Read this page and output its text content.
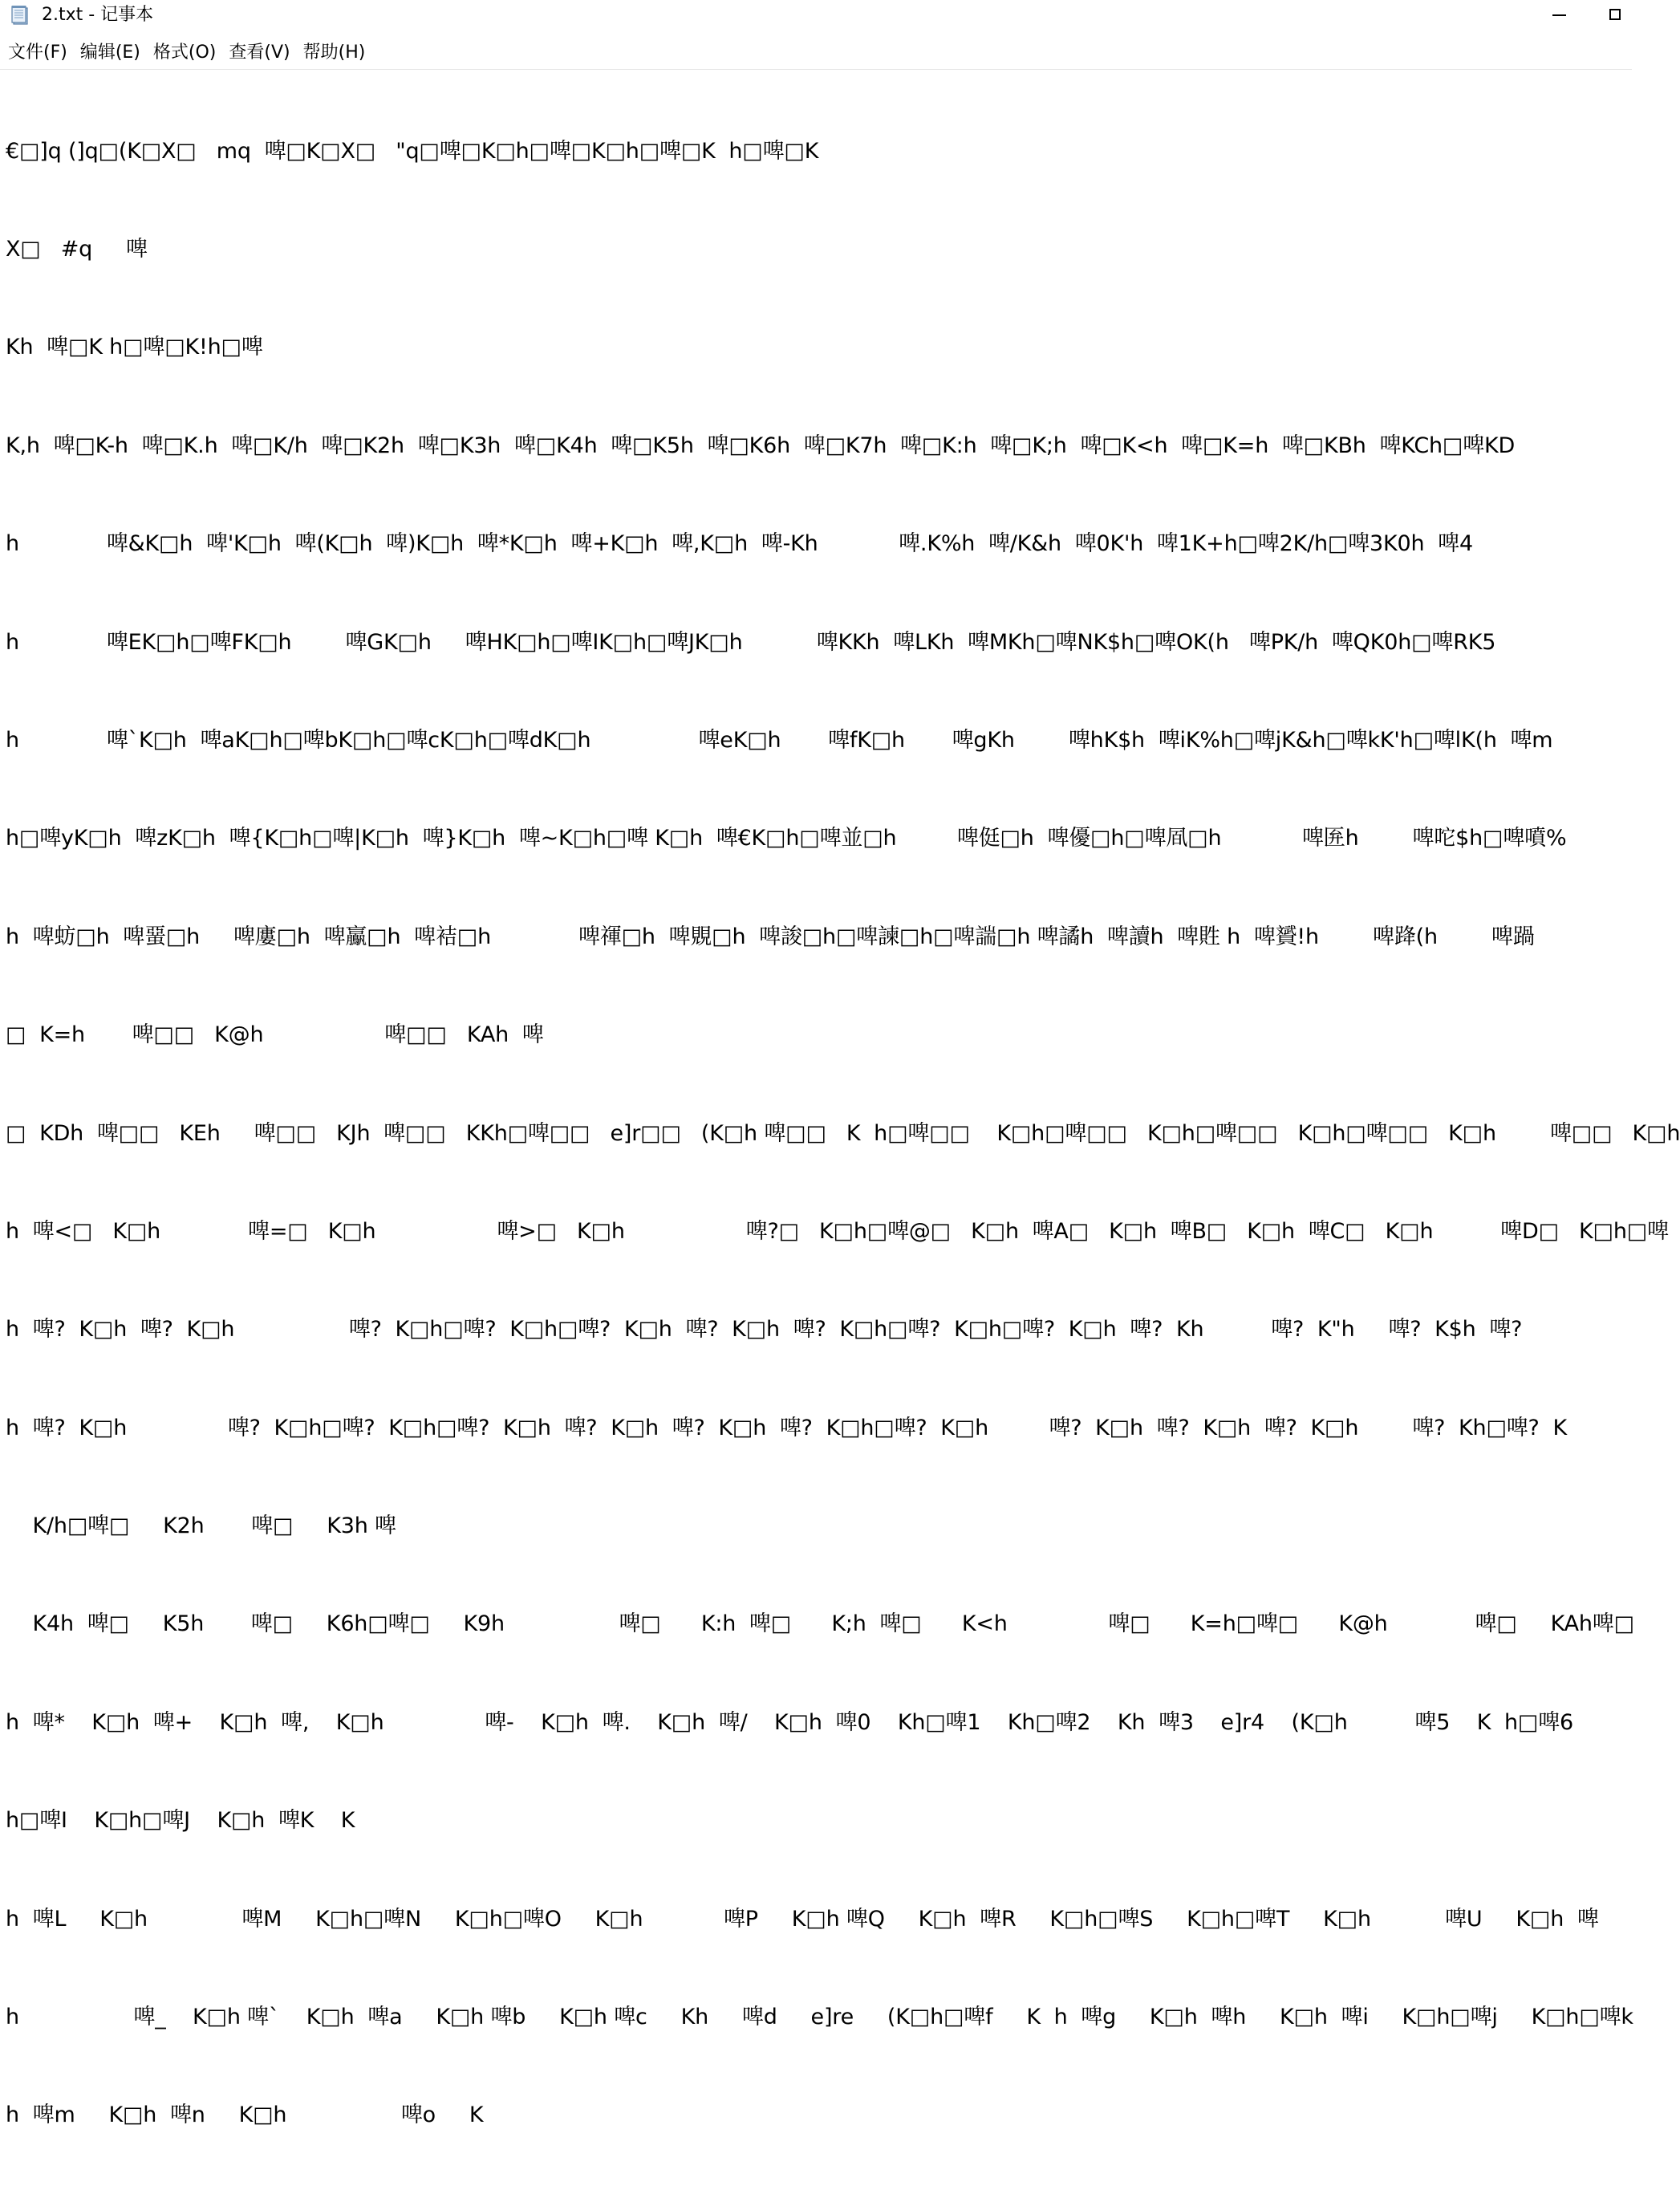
2.txt - 记事本
文件(F) 编辑(E) 格式(O) 查看(V) 帮助(H)

€□]q (]q□(K□X□   mq  啤□K□X□   "q□啤□K□h□啤□K□h□啤□K  h□啤□K

X□   #q     啤

Kh  啤□K h□啤□K!h□啤

K,h  啤□K-h  啤□K.h  啤□K/h  啤□K2h  啤□K3h  啤□K4h  啤□K5h  啤□K6h  啤□K7h  啤□K:h  啤□K;h  啤□K<h  啤□K=h  啤□KBh  啤KCh□啤KD

h             啤&K□h  啤'K□h  啤(K□h  啤)K□h  啤*K□h  啤+K□h  啤,K□h  啤-Kh            啤.K%h  啤/K&h  啤0K'h  啤1K+h□啤2K/h□啤3K0h  啤4

h             啤EK□h□啤FK□h        啤GK□h     啤HK□h□啤IK□h□啤JK□h           啤KKh  啤LKh  啤MKh□啤NK$h□啤OK(h   啤PK/h  啤QK0h□啤RK5

h             啤`K□h  啤aK□h□啤bK□h□啤cK□h□啤dK□h                啤eK□h       啤fK□h       啤gKh        啤hK$h  啤iK%h□啤jK&h□啤kK'h□啤lK(h  啤m

h□啤yK□h  啤zK□h  啤{K□h□啤|K□h  啤}K□h  啤~K□h□啤 K□h  啤€K□h□啤並□h         啤侹□h  啤優□h□啤凮□h            啤匥h        啤咜$h□啤噴%

h  啤蚄□h  啤蝁□h     啤廔□h  啤鸁□h  啤袺□h             啤禈□h  啤覞□h  啤誜□h□啤諫□h□啤諯□h 啤譎h  啤讀h  啤貹 h  啤贇!h        啤跭(h        啤踻

□  K=h       啤□□   K@h                  啤□□   KAh  啤

□  KDh  啤□□   KEh     啤□□   KJh  啤□□   KKh□啤□□   e]r□□   (K□h 啤□□   K  h□啤□□    K□h□啤□□   K□h□啤□□   K□h□啤□□   K□h        啤□□   K□h

h  啤<□   K□h             啤=□   K□h                  啤>□   K□h                  啤?□   K□h□啤@□   K□h  啤A□   K□h  啤B□   K□h  啤C□   K□h          啤D□   K□h□啤

h  啤?  K□h  啤?  K□h                 啤?  K□h□啤?  K□h□啤?  K□h  啤?  K□h  啤?  K□h□啤?  K□h□啤?  K□h  啤?  Kh          啤?  K"h     啤?  K$h  啤?

h  啤?  K□h               啤?  K□h□啤?  K□h□啤?  K□h  啤?  K□h  啤?  K□h  啤?  K□h□啤?  K□h         啤?  K□h  啤?  K□h  啤?  K□h        啤?  Kh□啤?  K

K/h□啤□     K2h       啤□     K3h 啤

K4h  啤□     K5h       啤□     K6h□啤□     K9h                 啤□      K:h  啤□      K;h  啤□      K<h               啤□      K=h□啤□      K@h             啤□     KAh啤□

h  啤*    K□h  啤+    K□h  啤,    K□h               啤-    K□h  啤.    K□h  啤/    K□h  啤0    Kh□啤1    Kh□啤2    Kh  啤3    e]r4    (K□h          啤5    K  h□啤6

h□啤I    K□h□啤J    K□h  啤K    K

h  啤L     K□h              啤M     K□h□啤N     K□h□啤O     K□h            啤P     K□h 啤Q     K□h  啤R     K□h□啤S     K□h□啤T     K□h           啤U     K□h  啤

h                 啤_    K□h 啤`    K□h  啤a     K□h 啤b     K□h 啤c     Kh     啤d     e]re     (K□h□啤f     K  h  啤g     K□h  啤h     K□h  啤i     K□h□啤j     K□h□啤k

h  啤m     K□h  啤n     K□h                 啤o     K
